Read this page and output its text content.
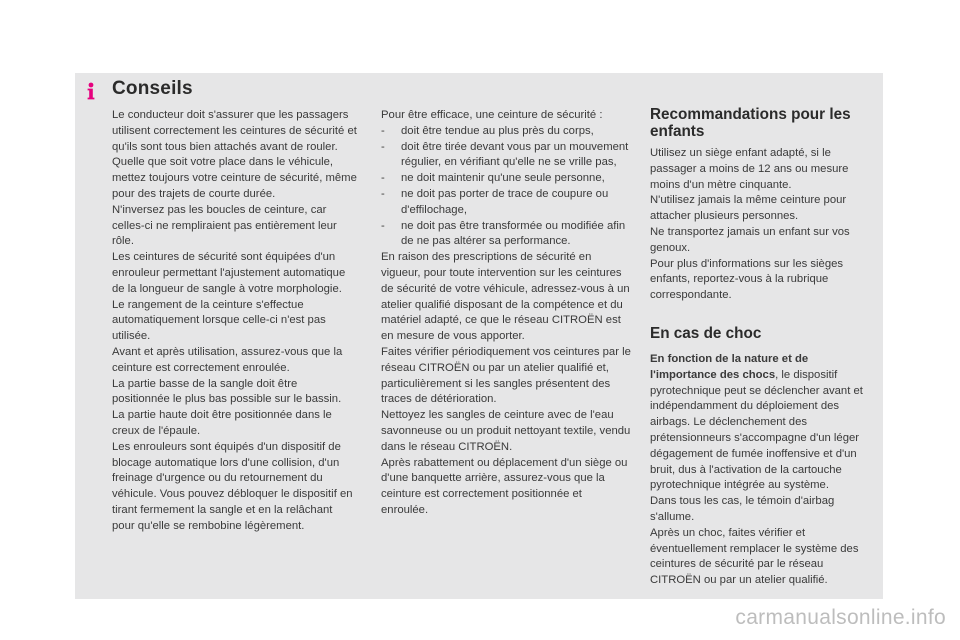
Conseils

Le conducteur doit s'assurer que les passagers utilisent correctement les ceintures de sécurité et qu'ils sont tous bien attachés avant de rouler.

Quelle que soit votre place dans le véhicule, mettez toujours votre ceinture de sécurité, même pour des trajets de courte durée.

N'inversez pas les boucles de ceinture, car celles-ci ne rempliraient pas entièrement leur rôle.

Les ceintures de sécurité sont équipées d'un enrouleur permettant l'ajustement automatique de la longueur de sangle à votre morphologie. Le rangement de la ceinture s'effectue automatiquement lorsque celle-ci n'est pas utilisée.

Avant et après utilisation, assurez-vous que la ceinture est correctement enroulée.

La partie basse de la sangle doit être positionnée le plus bas possible sur le bassin.

La partie haute doit être positionnée dans le creux de l'épaule.

Les enrouleurs sont équipés d'un dispositif de blocage automatique lors d'une collision, d'un freinage d'urgence ou du retournement du véhicule. Vous pouvez débloquer le dispositif en tirant fermement la sangle et en la relâchant pour qu'elle se rembobine légèrement.

Pour être efficace, une ceinture de sécurité :

-	doit être tendue au plus près du corps,
-	doit être tirée devant vous par un mouvement régulier, en vérifiant qu'elle ne se vrille pas,
-	ne doit maintenir qu'une seule personne,
-	ne doit pas porter de trace de coupure ou d'effilochage,
-	ne doit pas être transformée ou modifiée afin de ne pas altérer sa performance.

En raison des prescriptions de sécurité en vigueur, pour toute intervention sur les ceintures de sécurité de votre véhicule, adressez-vous à un atelier qualifié disposant de la compétence et du matériel adapté, ce que le réseau CITROËN est en mesure de vous apporter.

Faites vérifier périodiquement vos ceintures par le réseau CITROËN ou par un atelier qualifié et, particulièrement si les sangles présentent des traces de détérioration.

Nettoyez les sangles de ceinture avec de l'eau savonneuse ou un produit nettoyant textile, vendu dans le réseau CITROËN.

Après rabattement ou déplacement d'un siège ou d'une banquette arrière, assurez-vous que la ceinture est correctement positionnée et enroulée.

Recommandations pour les enfants

Utilisez un siège enfant adapté, si le passager a moins de 12 ans ou mesure moins d'un mètre cinquante.

N'utilisez jamais la même ceinture pour attacher plusieurs personnes.

Ne transportez jamais un enfant sur vos genoux.

Pour plus d'informations sur les sièges enfants, reportez-vous à la rubrique correspondante.

En cas de choc

En fonction de la nature et de l'importance des chocs, le dispositif pyrotechnique peut se déclencher avant et indépendamment du déploiement des airbags. Le déclenchement des prétensionneurs s'accompagne d'un léger dégagement de fumée inoffensive et d'un bruit, dus à l'activation de la cartouche pyrotechnique intégrée au système.

Dans tous les cas, le témoin d'airbag s'allume.

Après un choc, faites vérifier et éventuellement remplacer le système des ceintures de sécurité par le réseau CITROËN ou par un atelier qualifié.

carmanualsonline.info
